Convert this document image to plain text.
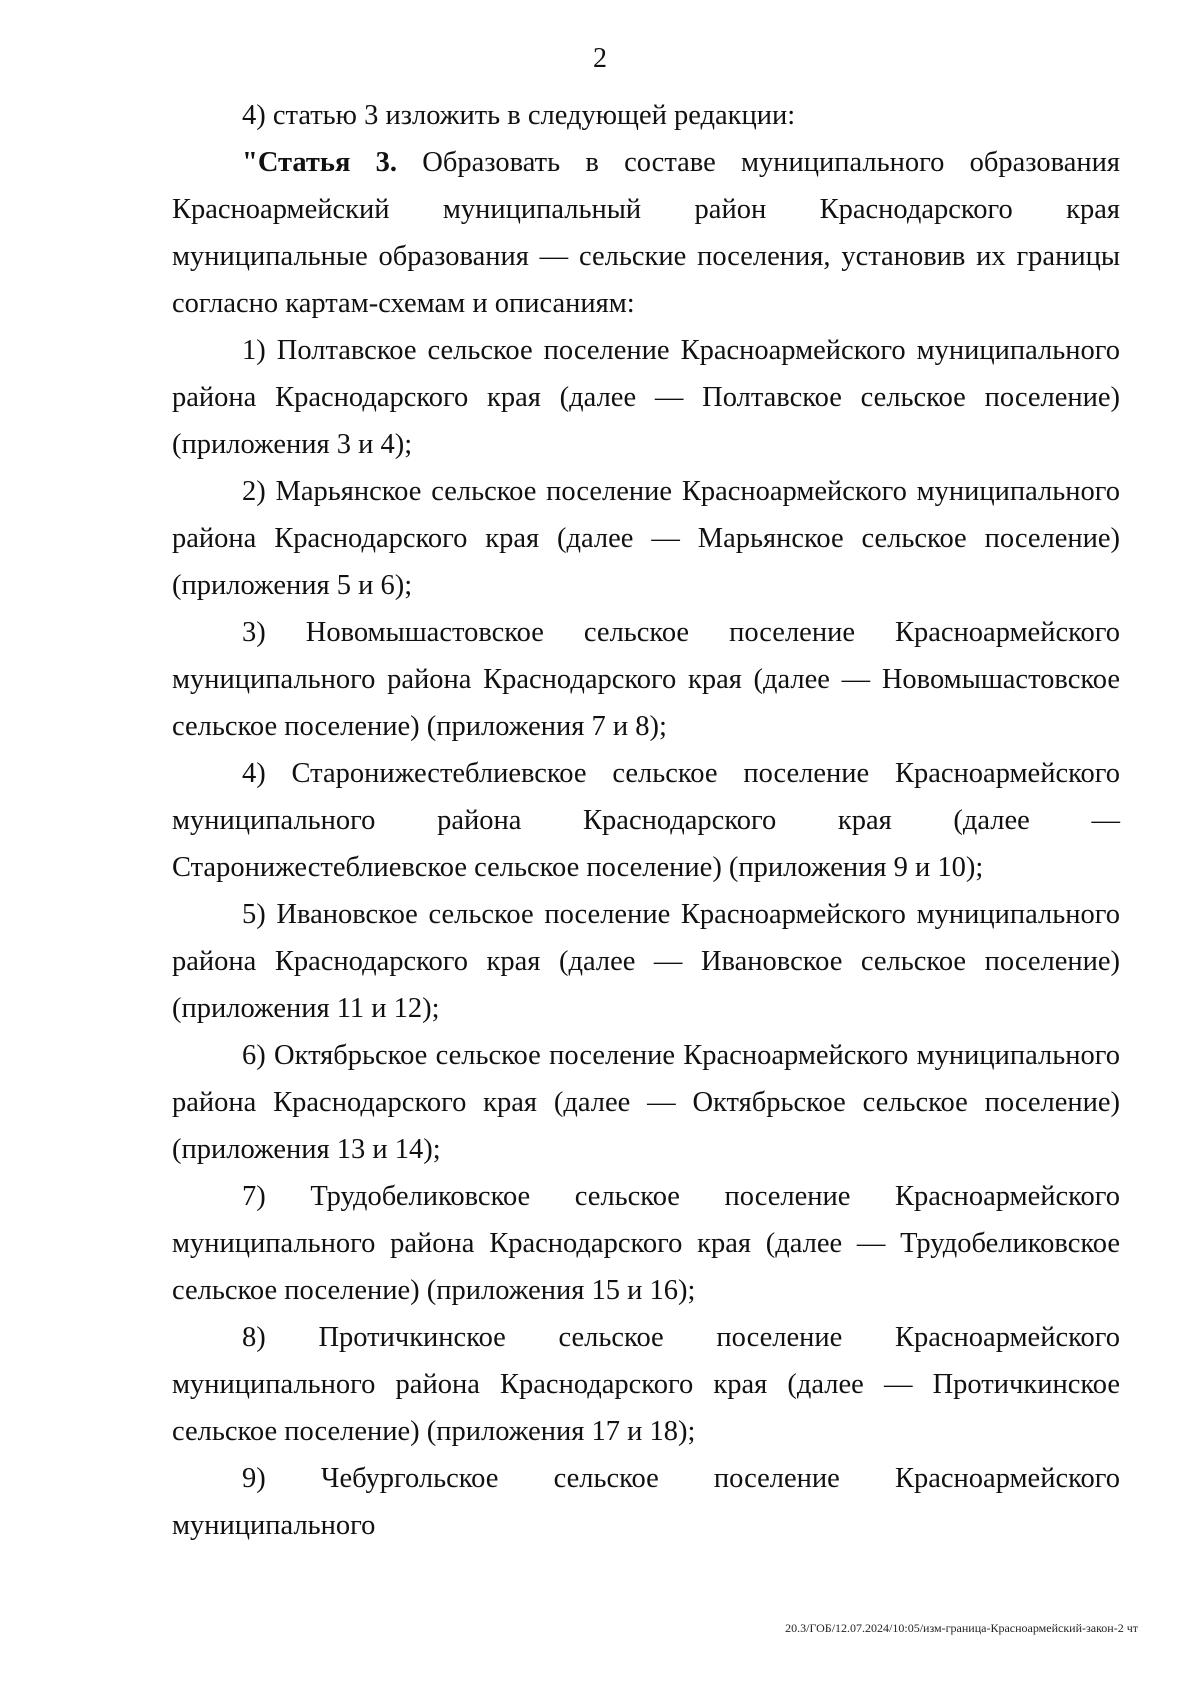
2

4) статью 3 изложить в следующей редакции:

"Статья 3. Образовать в составе муниципального образования Красноармейский муниципальный район Краснодарского края муниципальные образования — сельские поселения, установив их границы согласно картам-схемам и описаниям:

1) Полтавское сельское поселение Красноармейского муниципального района Краснодарского края (далее — Полтавское сельское поселение) (приложения 3 и 4);

2) Марьянское сельское поселение Красноармейского муниципального района Краснодарского края (далее — Марьянское сельское поселение) (приложения 5 и 6);

3) Новомышастовское сельское поселение Красноармейского муниципального района Краснодарского края (далее — Новомышастовское сельское поселение) (приложения 7 и 8);

4) Старонижестеблиевское сельское поселение Красноармейского муниципального района Краснодарского края (далее — Старонижестеблиевское сельское поселение) (приложения 9 и 10);

5) Ивановское сельское поселение Красноармейского муниципального района Краснодарского края (далее — Ивановское сельское поселение) (приложения 11 и 12);

6) Октябрьское сельское поселение Красноармейского муниципального района Краснодарского края (далее — Октябрьское сельское поселение) (приложения 13 и 14);

7) Трудобеликовское сельское поселение Красноармейского муниципального района Краснодарского края (далее — Трудобеликовское сельское поселение) (приложения 15 и 16);

8) Протичкинское сельское поселение Красноармейского муниципального района Краснодарского края (далее — Протичкинское сельское поселение) (приложения 17 и 18);

9) Чебургольское сельское поселение Красноармейского муниципального

20.3/ГОБ/12.07.2024/10:05/изм-граница-Красноармейский-закон-2 чт
